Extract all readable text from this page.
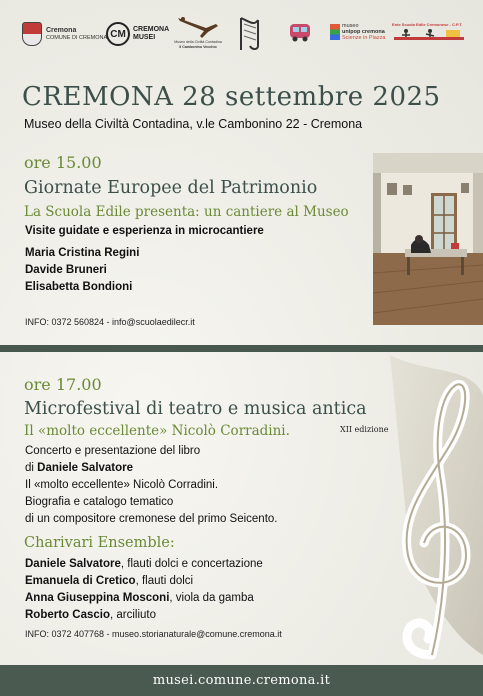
Cremona
COMUNE DI CREMONA CM	CREMONA
MUSEI
Museo della Civiltà Contadina
Il Cambonino Vecchio
museo
unipop cremona
Scienze in Piazza
Ente Scuola Edile Cremonese - C.P.T.
CREMONA 28 settembre 2025
Museo della Civiltà Contadina, v.le Cambonino 22 - Cremona
ore 15.00
Giornate Europee del Patrimonio
La Scuola Edile presenta: un cantiere al Museo
Visite guidate e esperienza in microcantiere
Maria Cristina Regini
Davide Bruneri
Elisabetta Bondioni
INFO: 0372 560824 - info@scuolaedilecr.it
ore 17.00
Microfestival di teatro e musica antica
Il «molto eccellente» Nicolò Corradini.	XII edizione
Concerto e presentazione del libro
di Daniele Salvatore
Il «molto eccellente» Nicolò Corradini.
Biografia e catalogo tematico
di un compositore cremonese del primo Seicento.
Charivari Ensemble:
Daniele Salvatore, flauti dolci e concertazione
Emanuela di Cretico, flauti dolci
Anna Giuseppina Mosconi, viola da gamba
Roberto Cascio, arciliuto
INFO: 0372 407768 - museo.storianaturale@comune.cremona.it
musei.comune.cremona.it
